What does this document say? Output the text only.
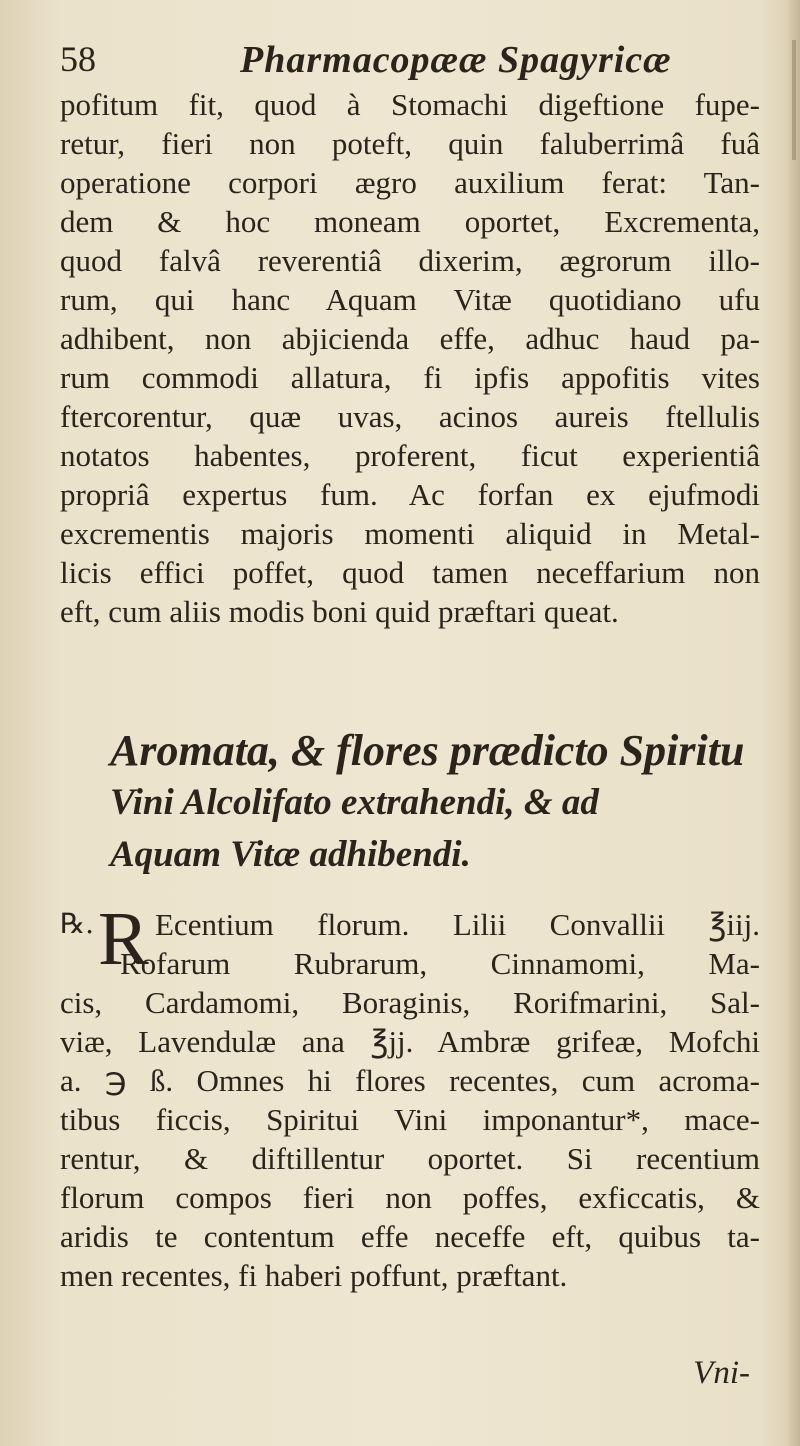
58	Pharmacopææ Spagyricæ
pofitum fit, quod à Stomachi digeftione fupe-
retur, fieri non poteft, quin faluberrimâ fuâ
operatione corpori ægro auxilium ferat: Tan-
dem & hoc moneam oportet, Excrementa,
quod falvâ reverentiâ dixerim, ægrorum illo-
rum, qui hanc Aquam Vitæ quotidiano ufu
adhibent, non abjicienda effe, adhuc haud pa-
rum commodi allatura, fi ipfis appofitis vites
ftercorentur, quæ uvas, acinos aureis ftellulis
notatos habentes, proferent, ficut experientiâ
propriâ expertus fum. Ac forfan ex ejufmodi
excrementis majoris momenti aliquid in Metal-
licis effici poffet, quod tamen neceffarium non
eft, cum aliis modis boni quid præftari queat.
Aromata, & flores prædicto Spiritu
Vini Alcolifato extrahendi, & ad
Aquam Vitæ adhibendi.
℞. R Ecentium florum. Lilii Convallii ℥iij.
Rofarum Rubrarum, Cinnamomi, Ma-
cis, Cardamomi, Boraginis, Rorifmarini, Sal-
viæ, Lavendulæ ana ℥jj. Ambræ grifeæ, Mofchi
a. ℈ ß. Omnes hi flores recentes, cum acroma-
tibus ficcis, Spiritui Vini imponantur*, mace-
rentur, & diftillentur oportet. Si recentium
florum compos fieri non poffes, exficcatis, &
aridis te contentum effe neceffe eft, quibus ta-
men recentes, fi haberi poffunt, præftant.
Vni-
